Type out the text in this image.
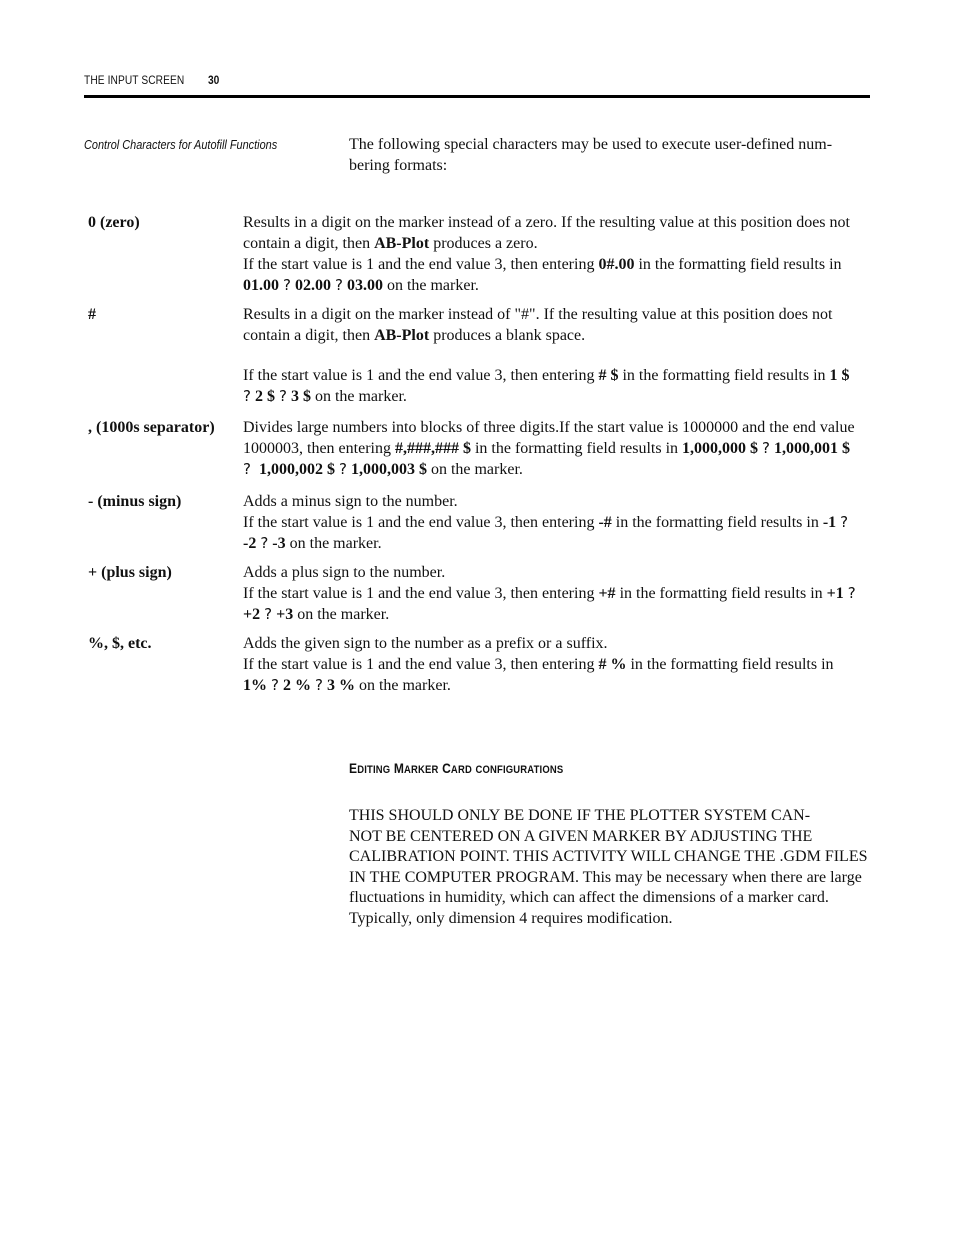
THE INPUT SCREEN 30
Control Characters for Autofill Functions	The following special characters may be used to execute user-defined num-
bering formats:
0 (zero)	Results in a digit on the marker instead of a zero. If the resulting value at this position does not contain a digit, then AB-Plot produces a zero.

If the start value is 1 and the end value 3, then entering 0#.00 in the formatting field results in 01.00 ? 02.00 ? 03.00 on the marker.

#	Results in a digit on the marker instead of "#". If the resulting value at this position does not contain a digit, then AB-Plot produces a blank space.

If the start value is 1 and the end value 3, then entering # $ in the formatting field results in 1 $ ? 2 $ ? 3 $ on the marker.

, (1000s separator)	Divides large numbers into blocks of three digits.If the start value is 1000000 and the end value 1000003, then entering #,###,### $ in the formatting field results in 1,000,000 $ ? 1,000,001 $ ? 1,000,002 $ ? 1,000,003 $ on the marker.

- (minus sign)	Adds a minus sign to the number.

If the start value is 1 and the end value 3, then entering -# in the formatting field results in -1 ? -2 ? -3 on the marker.

+ (plus sign)	Adds a plus sign to the number.

If the start value is 1 and the end value 3, then entering +# in the formatting field results in +1 ? +2 ? +3 on the marker.

%, $, etc.	Adds the given sign to the number as a prefix or a suffix.

If the start value is 1 and the end value 3, then entering # % in the formatting field results in 1% ? 2 % ? 3 % on the marker.

EDITING MARKER CARD CONFIGURATIONS
THIS SHOULD ONLY BE DONE IF THE PLOTTER SYSTEM CAN-
NOT BE CENTERED ON A GIVEN MARKER BY ADJUSTING THE CALIBRATION POINT. THIS ACTIVITY WILL CHANGE THE .GDM FILES IN THE COMPUTER PROGRAM. This may be necessary when there are large fluctuations in humidity, which can affect the dimensions of a marker card. Typically, only dimension 4 requires modification.
